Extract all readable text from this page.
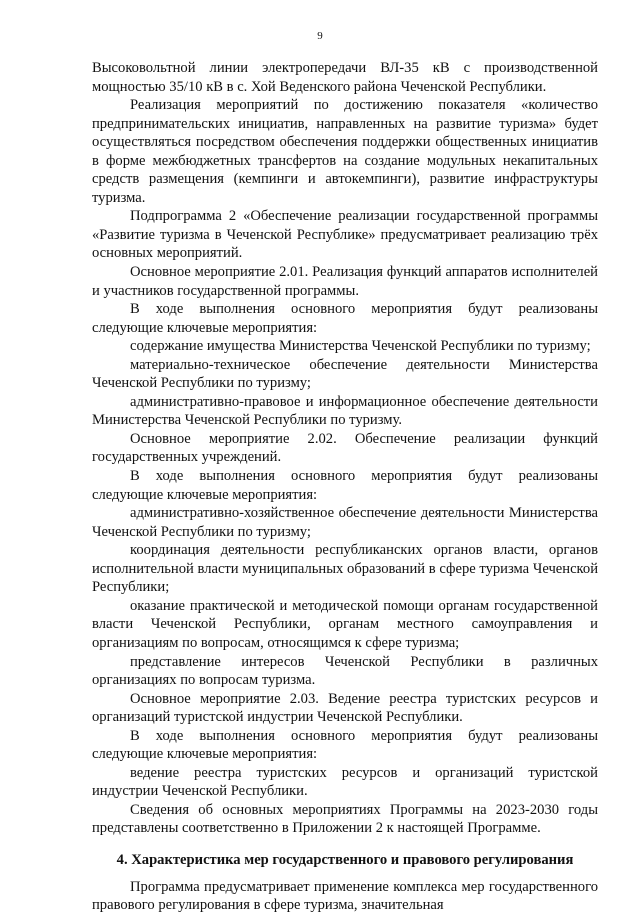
9

Высоковольтной линии электропередачи ВЛ-35 кВ с производственной мощностью 35/10 кВ в с. Хой Веденского района Чеченской Республики.

Реализация мероприятий по достижению показателя «количество предпринимательских инициатив, направленных на развитие туризма» будет осуществляться посредством обеспечения поддержки общественных инициатив в форме межбюджетных трансфертов на создание модульных некапитальных средств размещения (кемпинги и автокемпинги), развитие инфраструктуры туризма.

Подпрограмма 2 «Обеспечение реализации государственной программы «Развитие туризма в Чеченской Республике» предусматривает реализацию трёх основных мероприятий.

Основное мероприятие 2.01. Реализация функций аппаратов исполнителей и участников государственной программы.

В ходе выполнения основного мероприятия будут реализованы следующие ключевые мероприятия:

содержание имущества Министерства Чеченской Республики по туризму;

материально-техническое обеспечение деятельности Министерства Чеченской Республики по туризму;

административно-правовое и информационное обеспечение деятельности Министерства Чеченской Республики по туризму.

Основное мероприятие 2.02. Обеспечение реализации функций государственных учреждений.

В ходе выполнения основного мероприятия будут реализованы следующие ключевые мероприятия:

административно-хозяйственное обеспечение деятельности Министерства Чеченской Республики по туризму;

координация деятельности республиканских органов власти, органов исполнительной власти муниципальных образований в сфере туризма Чеченской Республики;

оказание практической и методической помощи органам государственной власти Чеченской Республики, органам местного самоуправления и организациям по вопросам, относящимся к сфере туризма;

представление интересов Чеченской Республики в различных организациях по вопросам туризма.

Основное мероприятие 2.03. Ведение реестра туристских ресурсов и организаций туристской индустрии Чеченской Республики.

В ходе выполнения основного мероприятия будут реализованы следующие ключевые мероприятия:

ведение реестра туристских ресурсов и организаций туристской индустрии Чеченской Республики.

Сведения об основных мероприятиях Программы на 2023-2030 годы представлены соответственно в Приложении 2 к настоящей Программе.

4. Характеристика мер государственного и правового регулирования

Программа предусматривает применение комплекса мер государственного правового регулирования в сфере туризма, значительная
